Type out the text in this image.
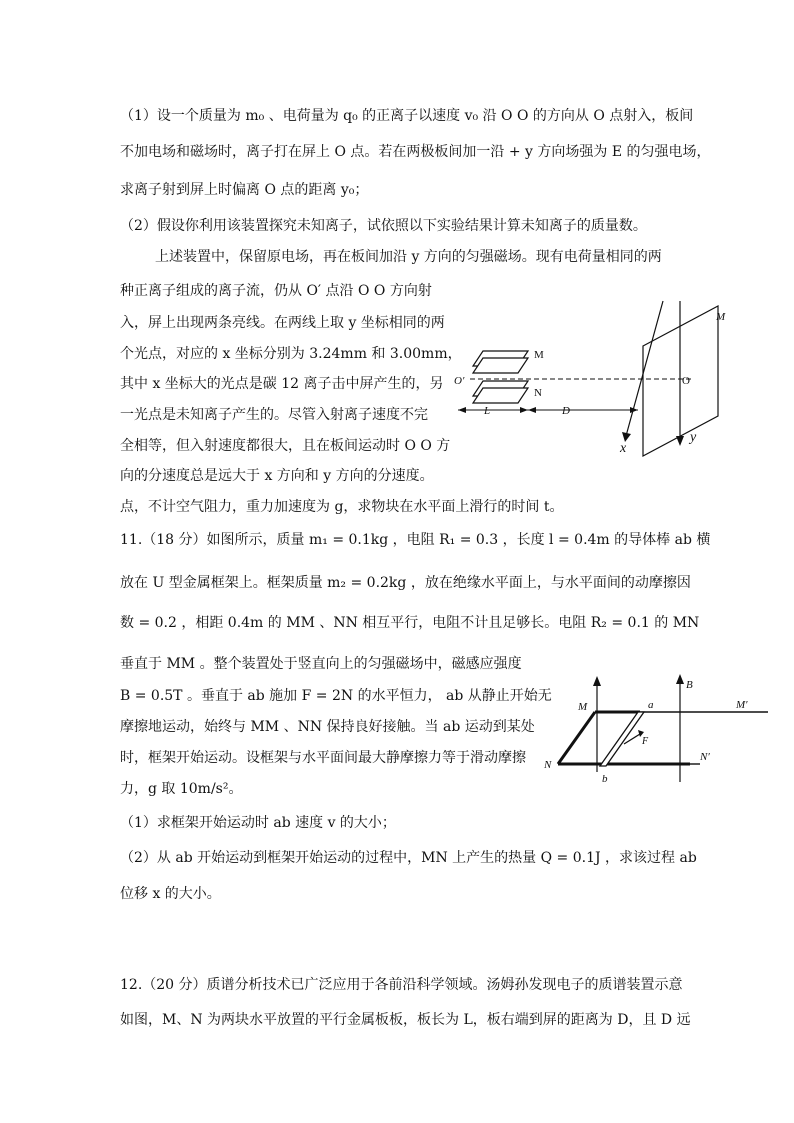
（1）设一个质量为 m₀ 、电荷量为 q₀ 的正离子以速度 v₀ 沿 O O 的方向从 O 点射入，板间
不加电场和磁场时，离子打在屏上 O 点。若在两极板间加一沿 + y 方向场强为 E 的匀强电场，
求离子射到屏上时偏离 O 点的距离 y₀；
（2）假设你利用该装置探究未知离子，试依照以下实验结果计算未知离子的质量数。
上述装置中，保留原电场，再在板间加沿 y 方向的匀强磁场。现有电荷量相同的两
种正离子组成的离子流，仍从 O′ 点沿 O O 方向射
入，屏上出现两条亮线。在两线上取 y 坐标相同的两
个光点，对应的 x 坐标分别为 3.24mm 和 3.00mm，
其中 x 坐标大的光点是碳 12 离子击中屏产生的，另
一光点是未知离子产生的。尽管入射离子速度不完
全相等，但入射速度都很大，且在板间运动时 O O 方
向的分速度总是远大于 x 方向和 y 方向的分速度。
点，不计空气阻力，重力加速度为 g，求物块在水平面上滑行的时间 t。
11.（18 分）如图所示，质量 m₁ = 0.1kg ，电阻 R₁ = 0.3 ，长度 l = 0.4m 的导体棒 ab 横
放在 U 型金属框架上。框架质量 m₂ = 0.2kg ，放在绝缘水平面上，与水平面间的动摩擦因
数 = 0.2 ，相距 0.4m 的 MM 、NN 相互平行，电阻不计且足够长。电阻 R₂ = 0.1 的 MN
垂直于 MM 。整个装置处于竖直向上的匀强磁场中，磁感应强度
B = 0.5T 。垂直于 ab 施加 F = 2N 的水平恒力， ab 从静止开始无
摩擦地运动，始终与 MM 、NN 保持良好接触。当 ab 运动到某处
时，框架开始运动。设框架与水平面间最大静摩擦力等于滑动摩擦
力，g 取 10m/s²。
（1）求框架开始运动时 ab 速度 v 的大小；
（2）从 ab 开始运动到框架开始运动的过程中，MN 上产生的热量 Q = 0.1J ，求该过程 ab
位移 x 的大小。
12.（20 分）质谱分析技术已广泛应用于各前沿科学领域。汤姆孙发现电子的质谱装置示意
如图，M、N 为两块水平放置的平行金属板板，板长为 L，板右端到屏的距离为 D，且 D 远
M
N
O′	O
M
x
y
L	D
B
M	M′
a
F
N
N′
b
